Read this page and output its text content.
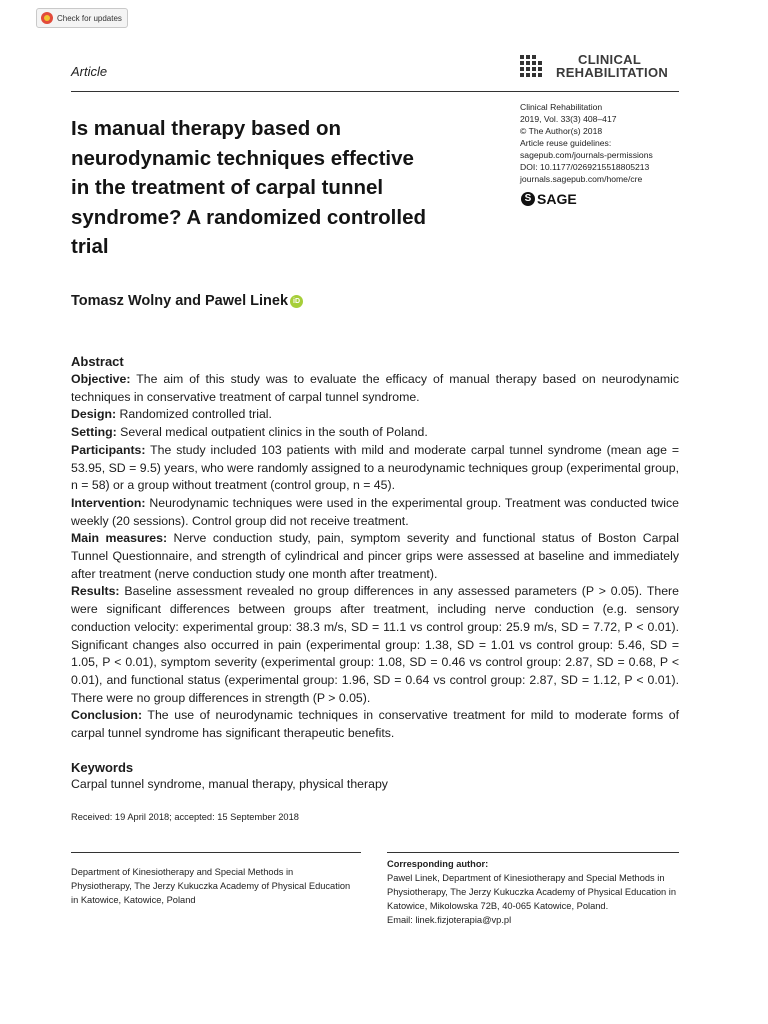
Check for updates
Article
CLINICAL
REHABILITATION
Clinical Rehabilitation
2019, Vol. 33(3) 408–417
© The Author(s) 2018
Article reuse guidelines:
sagepub.com/journals-permissions
DOI: 10.1177/0269215518805213
journals.sagepub.com/home/cre
S SAGE
Is manual therapy based on neurodynamic techniques effective in the treatment of carpal tunnel syndrome? A randomized controlled trial
Tomasz Wolny and Pawel Linek iD
Abstract

Objective: The aim of this study was to evaluate the efficacy of manual therapy based on neurodynamic techniques in conservative treatment of carpal tunnel syndrome.

Design: Randomized controlled trial.

Setting: Several medical outpatient clinics in the south of Poland.

Participants: The study included 103 patients with mild and moderate carpal tunnel syndrome (mean age = 53.95, SD = 9.5) years, who were randomly assigned to a neurodynamic techniques group (experimental group, n = 58) or a group without treatment (control group, n = 45).

Intervention: Neurodynamic techniques were used in the experimental group. Treatment was conducted twice weekly (20 sessions). Control group did not receive treatment.

Main measures: Nerve conduction study, pain, symptom severity and functional status of Boston Carpal Tunnel Questionnaire, and strength of cylindrical and pincer grips were assessed at baseline and immediately after treatment (nerve conduction study one month after treatment).

Results: Baseline assessment revealed no group differences in any assessed parameters (P > 0.05). There were significant differences between groups after treatment, including nerve conduction (e.g. sensory conduction velocity: experimental group: 38.3 m/s, SD = 11.1 vs control group: 25.9 m/s, SD = 7.72, P < 0.01). Significant changes also occurred in pain (experimental group: 1.38, SD = 1.01 vs control group: 5.46, SD = 1.05, P < 0.01), symptom severity (experimental group: 1.08, SD = 0.46 vs control group: 2.87, SD = 0.68, P < 0.01), and functional status (experimental group: 1.96, SD = 0.64 vs control group: 2.87, SD = 1.12, P < 0.01). There were no group differences in strength (P > 0.05).

Conclusion: The use of neurodynamic techniques in conservative treatment for mild to moderate forms of carpal tunnel syndrome has significant therapeutic benefits.

Keywords
Carpal tunnel syndrome, manual therapy, physical therapy
Received: 19 April 2018; accepted: 15 September 2018
Department of Kinesiotherapy and Special Methods in Physiotherapy, The Jerzy Kukuczka Academy of Physical Education in Katowice, Katowice, Poland
Corresponding author:
Pawel Linek, Department of Kinesiotherapy and Special Methods in Physiotherapy, The Jerzy Kukuczka Academy of Physical Education in Katowice, Mikolowska 72B, 40-065 Katowice, Poland.
Email: linek.fizjoterapia@vp.pl
